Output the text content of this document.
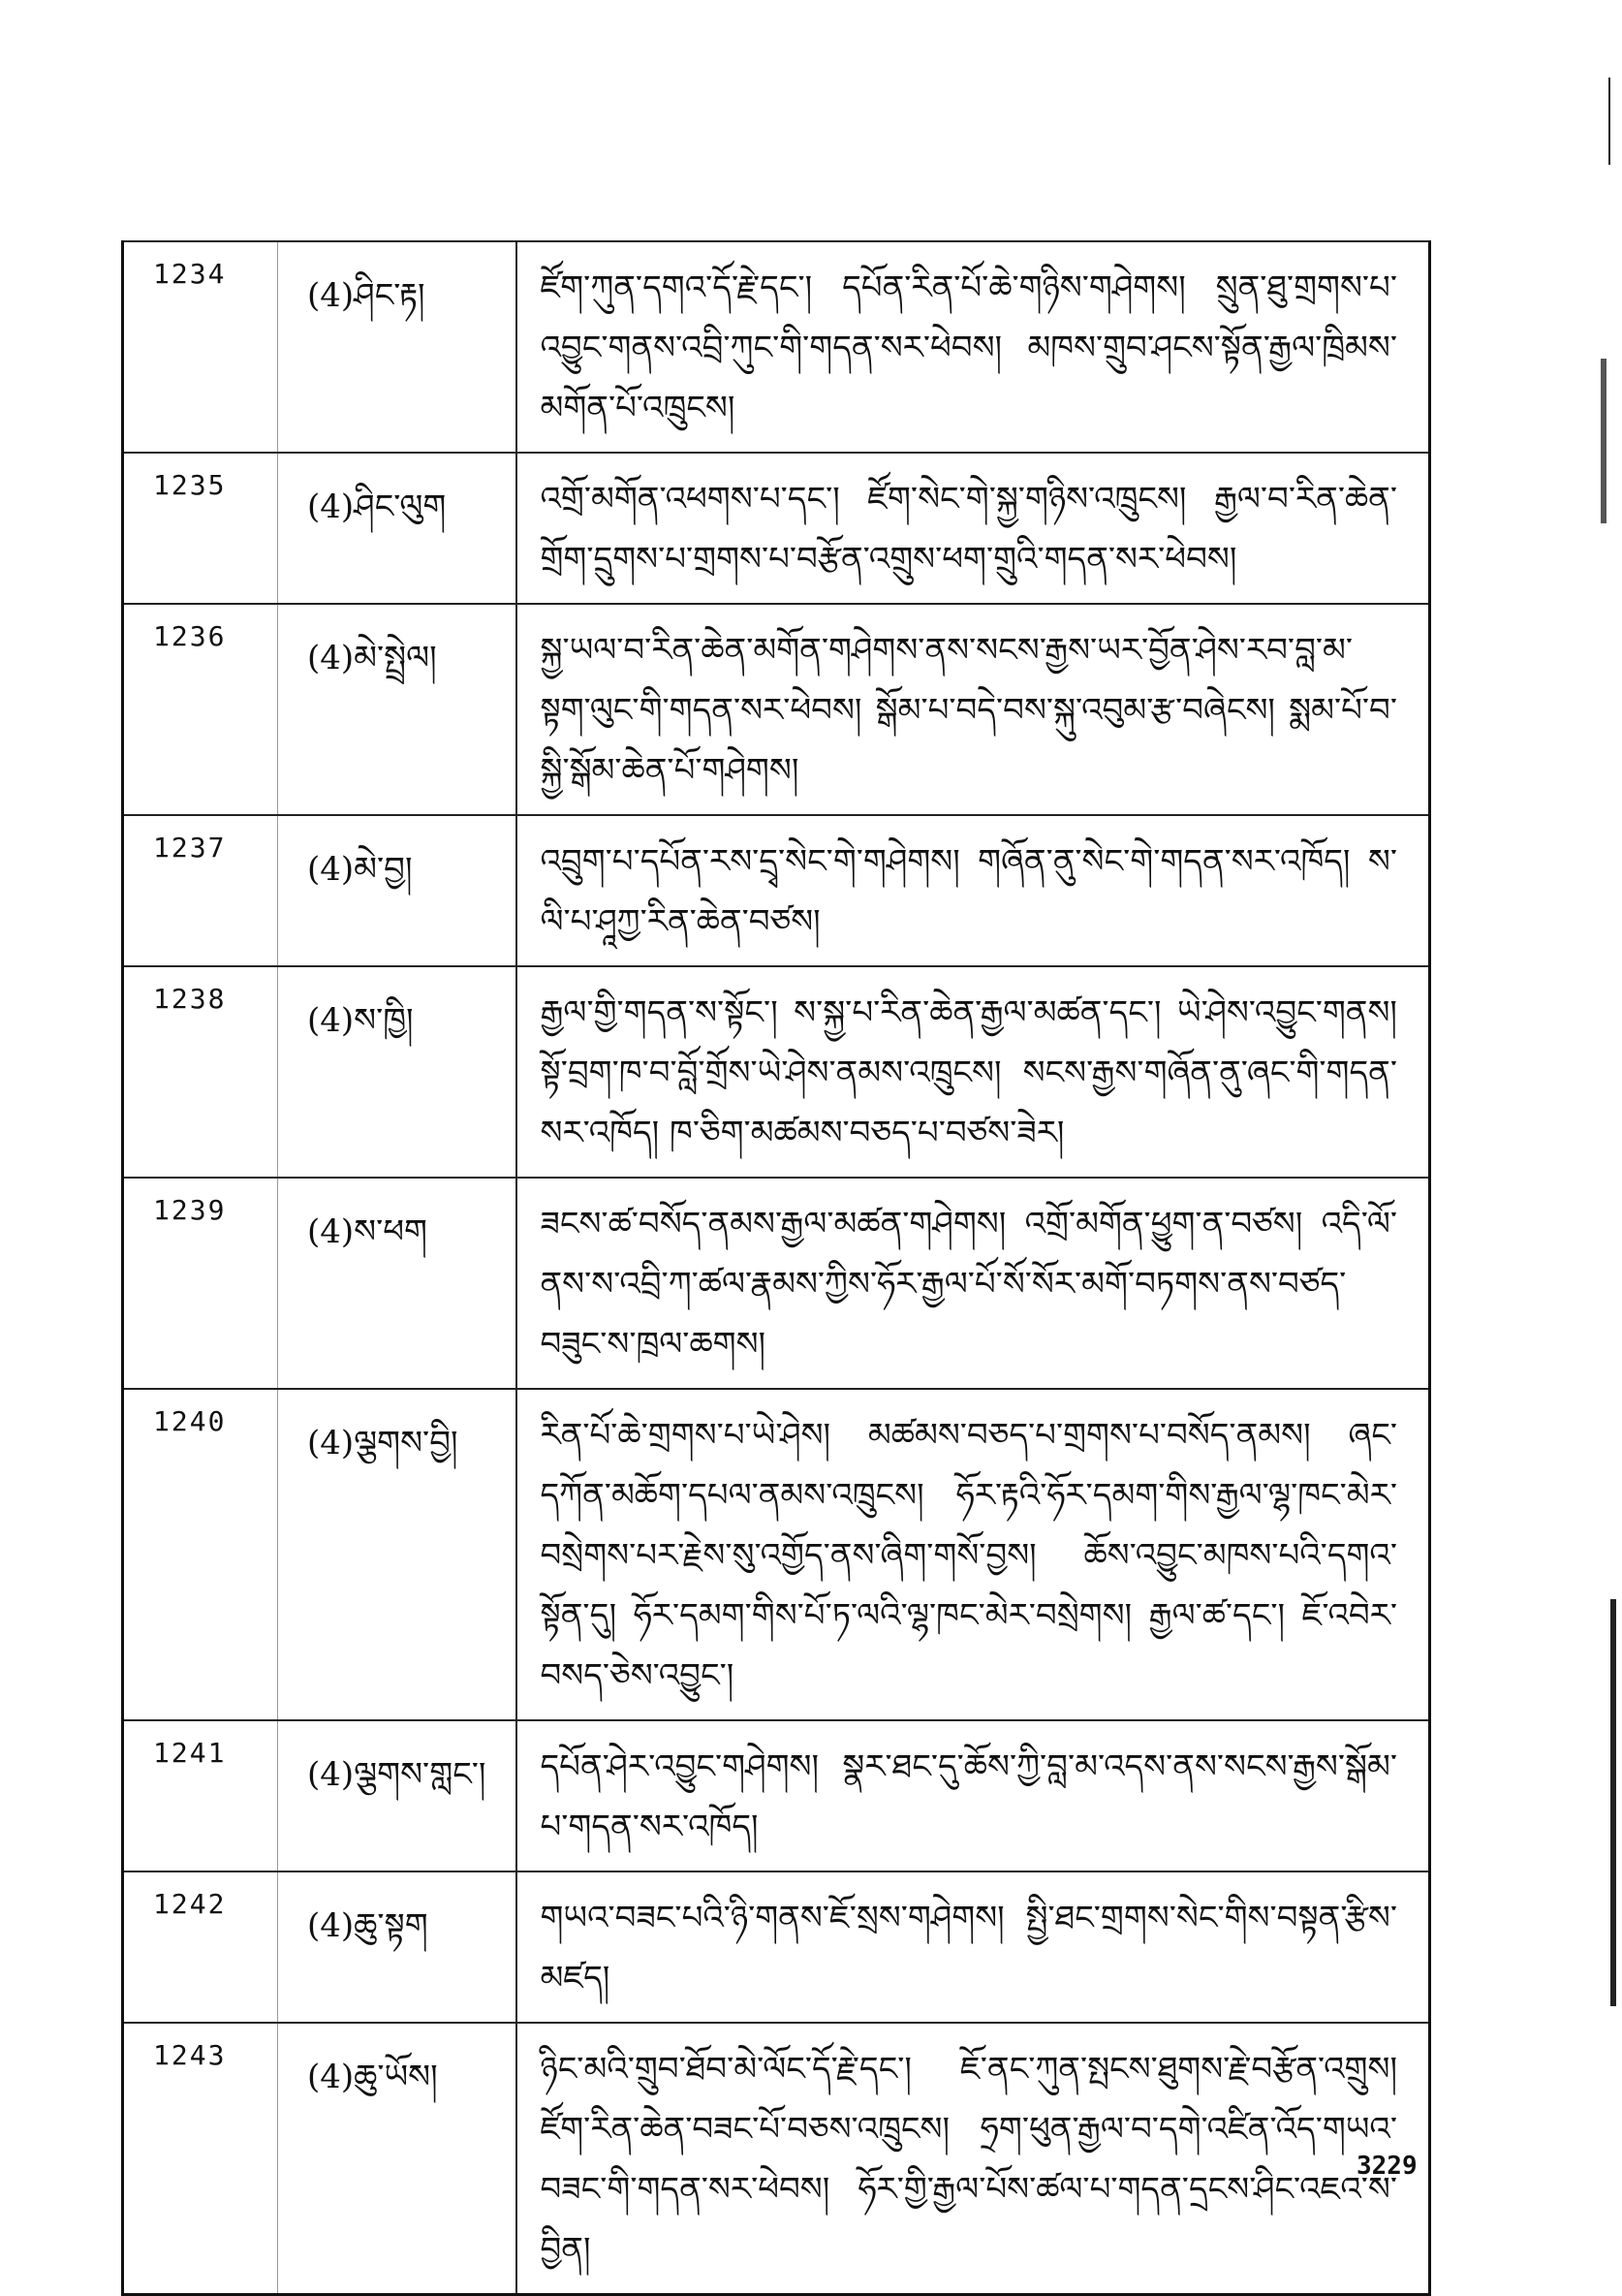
1234	(4)ཤིང་རྟ།	ཛོག་ཀུན་དགའ་དོ་རྗེ་དང་། དཔོན་རིན་པོ་ཆེ་གཉིས་གཤེགས། སྲུན་ཐུ་གྲགས་པ་འབྱུང་གནས་འབྲི་ཀུང་གི་གདན་སར་ཕེབས། མཁས་གྲུབ་ཤངས་སྟོན་རྒྱལ་ཁྲིམས་མགོན་པོ་འཁྲུངས།
1235	(4)ཤིང་ལུག	འགྲོ་མགོན་འཕགས་པ་དང་། ཛོག་སེང་གེ་སྐྱ་གཉིས་འཁྲུངས། རྒྱལ་བ་རིན་ཆེན་གྲོག་དྲུགས་པ་གྲགས་པ་བརྩོན་འགྲུས་ཕག་གྲུའི་གདན་སར་ཕེབས།
1236	(4)མེ་སྤྲེལ།	སྐྱ་ཡལ་བ་རིན་ཆེན་མགོན་གཤེགས་ནས་སངས་རྒྱས་ཡར་བྱོན་ཤེས་རབ་བླ་མ་སྟག་ལུང་གི་གདན་སར་ཕེབས། སྒོམ་པ་བདེ་བས་སྐུ་འབུམ་རྩ་བཞེངས། སྨམ་པོ་བ་སྐྱི་སྒོམ་ཆེན་པོ་གཤེགས།
1237	(4)མེ་བྱ།	འབྲུག་པ་དཔོན་རས་དྲྭ་སེང་གེ་གཤེགས། གཞོན་ནུ་སེང་གེ་གདན་སར་འཁོད། ས་ལི་པ་ཤཱཀྱ་རིན་ཆེན་བཙས།
1238	(4)ས་ཁྱི།	རྒྱལ་གྱི་གདན་ས་སྟོང་། ས་སྐྱ་པ་རིན་ཆེན་རྒྱལ་མཚན་དང་། ཡེ་ཤེས་འབྱུང་གནས། སྟོ་བྲག་ཁ་བ་བློ་གྲོས་ཡེ་ཤེས་ནམས་འཁྲུངས། སངས་རྒྱས་གཞོན་ནུ་ཞང་གི་གདན་སར་འཁོད། ཁ་ཅིག་མཚམས་བཅད་པ་བཙས་ཟེར།
1239	(4)ས་ཕག	ཟངས་ཚ་བསོད་ནམས་རྒྱལ་མཚན་གཤེགས། འགྲོ་མགོན་ཕྱུག་ན་བཙས། འདི་ལོ་ནས་ས་འབྲི་ཀ་ཚལ་རྣམས་ཀྱིས་ཧོར་རྒྱལ་པོ་སོ་སོར་མགོ་བཏགས་ནས་བཙད་བཟུང་ས་ཁྲལ་ཆགས།
1240	(4)ལྕགས་བྱི།	རིན་པོ་ཆེ་གྲགས་པ་ཡེ་ཤེས། མཚམས་བཅད་པ་གྲགས་པ་བསོད་ནམས། ཞང་དཀོན་མཆོག་དཔལ་ནམས་འཁྲུངས། ཧོར་རྟའི་ཧོར་དམག་གིས་རྒྱལ་ལྷ་ཁང་མེར་བསྲེགས་པར་རྗེས་སུ་འགྱོད་ནས་ཞིག་གསོ་བྱས། ཆོས་འབྱུང་མཁས་པའི་དགའ་སྟོན་དུ། ཧོར་དམག་གིས་པོ་ཏ་ལའི་ལྷ་ཁང་མེར་བསྲེགས། རྒྱལ་ཚ་དང་། ཇོ་འབེར་བསད་ཅེས་འབྱུང་།
1241	(4)ལྕགས་གླང་།	དཔོན་ཤེར་འབྱུང་གཤེགས། སྣར་ཐང་དུ་ཆོས་ཀྱི་བླ་མ་འདས་ནས་སངས་རྒྱས་སྒོམ་པ་གདན་སར་འཁོད།
1242	(4)ཆུ་སྟག	གཡའ་བཟང་པའི་ཉི་གནས་ཇོ་སྲས་གཤེགས། སྤྱི་ཐང་གྲགས་སེང་གིས་བསྟན་རྩིས་མཛད།
1243	(4)ཆུ་ཡོས།	ཉིང་མའི་གྲུབ་ཐོབ་མེ་ལོང་དོ་རྗེ་དང་། ཇོ་ནང་ཀུན་སྤངས་ཐུགས་རྗེ་བརྩོན་འགྲུས། ཛོག་རིན་ཆེན་བཟང་པོ་བཅས་འཁྲུངས། ཧྲག་ཕུན་རྒྱལ་བ་དགེ་འཛིན་འོད་གཡའ་བཟང་གི་གདན་སར་ཕེབས། ཧོར་གྱི་རྒྱལ་པོས་ཚལ་པ་གདན་དྲངས་ཤིང་འཇའ་ས་བྱིན།
3229
